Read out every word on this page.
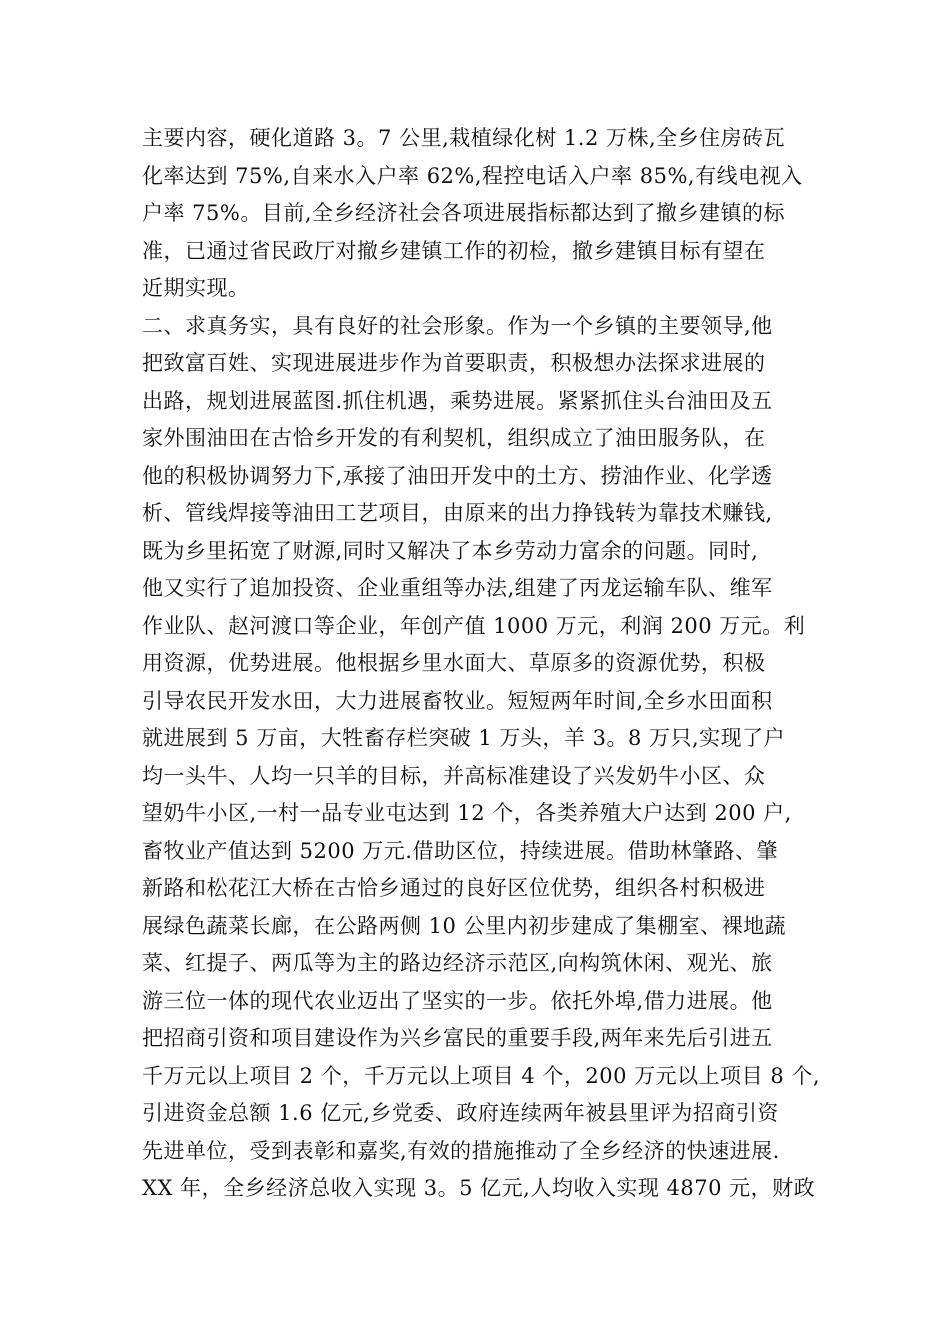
主要内容，硬化道路 3。7 公里,栽植绿化树 1.2 万株,全乡住房砖瓦
化率达到 75%,自来水入户率 62%,程控电话入户率 85%,有线电视入
户率 75%。目前,全乡经济社会各项进展指标都达到了撤乡建镇的标
准，已通过省民政厅对撤乡建镇工作的初检，撤乡建镇目标有望在
近期实现。
二、求真务实，具有良好的社会形象。作为一个乡镇的主要领导,他
把致富百姓、实现进展进步作为首要职责，积极想办法探求进展的
出路，规划进展蓝图.抓住机遇，乘势进展。紧紧抓住头台油田及五
家外围油田在古恰乡开发的有利契机，组织成立了油田服务队，在
他的积极协调努力下,承接了油田开发中的土方、捞油作业、化学透
析、管线焊接等油田工艺项目，由原来的出力挣钱转为靠技术赚钱,
既为乡里拓宽了财源,同时又解决了本乡劳动力富余的问题。同时,
他又实行了追加投资、企业重组等办法,组建了丙龙运输车队、维军
作业队、赵河渡口等企业，年创产值 1000 万元，利润 200 万元。利
用资源，优势进展。他根据乡里水面大、草原多的资源优势，积极
引导农民开发水田，大力进展畜牧业。短短两年时间,全乡水田面积
就进展到 5 万亩，大牲畜存栏突破 1 万头，羊 3。8 万只,实现了户
均一头牛、人均一只羊的目标，并高标准建设了兴发奶牛小区、众
望奶牛小区,一村一品专业屯达到 12 个，各类养殖大户达到 200 户,
畜牧业产值达到 5200 万元.借助区位，持续进展。借助林肇路、肇
新路和松花江大桥在古恰乡通过的良好区位优势，组织各村积极进
展绿色蔬菜长廊，在公路两侧 10 公里内初步建成了集棚室、裸地蔬
菜、红提子、两瓜等为主的路边经济示范区,向构筑休闲、观光、旅
游三位一体的现代农业迈出了坚实的一步。依托外埠,借力进展。他
把招商引资和项目建设作为兴乡富民的重要手段,两年来先后引进五
千万元以上项目 2 个，千万元以上项目 4 个，200 万元以上项目 8 个,
引进资金总额 1.6 亿元,乡党委、政府连续两年被县里评为招商引资
先进单位，受到表彰和嘉奖,有效的措施推动了全乡经济的快速进展.
XX 年，全乡经济总收入实现 3。5 亿元,人均收入实现 4870 元，财政
